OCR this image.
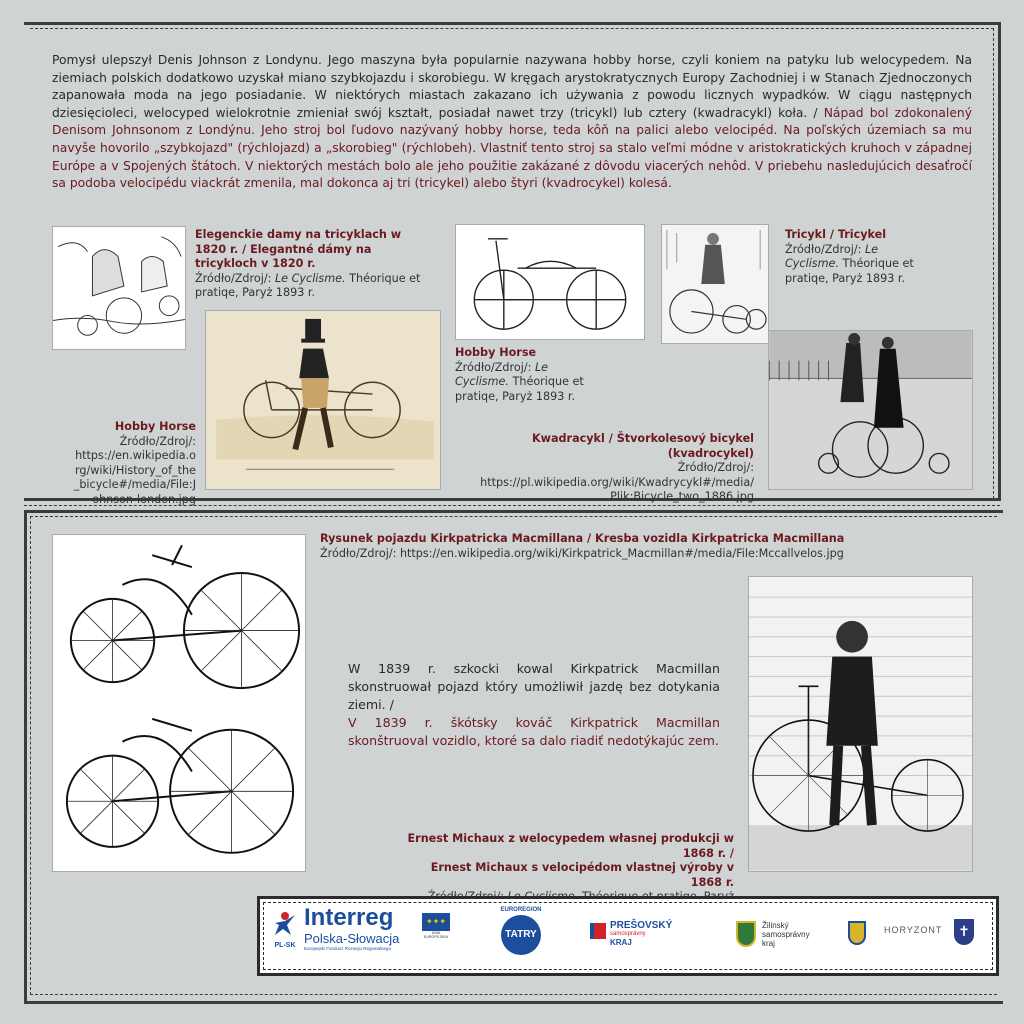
Pomysł ulepszył Denis Johnson z Londynu. Jego maszyna była popularnie nazywana hobby horse, czyli koniem na patyku lub welocypedem. Na ziemiach polskich dodatkowo uzyskał miano szybkojazdu i skorobiegu. W kręgach arystokratycznych Europy Zachodniej i w Stanach Zjednoczonych zapanowała moda na jego posiadanie. W niektórych miastach zakazano ich używania z powodu licznych wypadków. W ciągu następnych dziesięcioleci, welocyped wielokrotnie zmieniał swój kształt, posiadał nawet trzy (tricykl) lub cztery (kwadracykl) koła. / Nápad bol zdokonalený Denisom Johnsonom z Londýnu. Jeho stroj bol ľudovo nazývaný hobby horse, teda kôň na palici alebo velocipéd. Na poľských územiach sa mu navyše hovorilo „szybkojazd" (rýchlojazd) a „skorobieg" (rýchlobeh). Vlastniť tento stroj sa stalo veľmi módne v aristokratických kruhoch v západnej Európe a v Spojených štátoch. V niektorých mestách bolo ale jeho použitie zakázané z dôvodu viacerých nehôd. V priebehu nasledujúcich desaťročí sa podoba velocipédu viackrát zmenila, mal dokonca aj tri (tricykel) alebo štyri (kvadrocykel) kolesá.
Elegenckie damy na tricyklach w 1820 r. / Elegantné dámy na tricykloch v 1820 r.
Źródło/Zdroj/: Le Cyclisme. Théorique et pratiqe, Paryż 1893 r.
Hobby Horse
Źródło/Zdroj/:
https://en.wikipedia.org/wiki/History_of_the_bicycle#/media/File:Johnson-london.jpg
Hobby Horse
Źródło/Zdroj/: Le Cyclisme. Théorique et pratiqe, Paryż 1893 r.
Tricykl / Tricykel
Źródło/Zdroj/: Le Cyclisme. Théorique et pratiqe, Paryż 1893 r.
Kwadracykl / Štvorkolesový bicykel (kvadrocykel)
Źródło/Zdroj/:
https://pl.wikipedia.org/wiki/Kwadrycykl#/media/Plik:Bicycle_two_1886.jpg
Rysunek pojazdu Kirkpatricka Macmillana / Kresba vozidla Kirkpatricka Macmillana
Źródło/Zdroj/: https://en.wikipedia.org/wiki/Kirkpatrick_Macmillan#/media/File:Mccallvelos.jpg
W 1839 r. szkocki kowal Kirkpatrick Macmillan skonstruował pojazd który umożliwił jazdę bez dotykania ziemi. /
V 1839 r. škótsky kováč Kirkpatrick Macmillan skonštruoval vozidlo, ktoré sa dalo riadiť nedotýkajúc zem.
Ernest Michaux z welocypedem własnej produkcji w 1868 r. /
Ernest Michaux s velocipédom vlastnej výroby v 1868 r.
PL-SK
Interreg
Polska-Słowacja
Europejski Fundusz Rozwoju Regionalnego
✦✦✦
UNIA EUROPEJSKA
EUROREGION
TATRY
PREŠOVSKÝ
samosprávny
KRAJ
Žilinský
samosprávny
kraj
HORYZONT ✝
